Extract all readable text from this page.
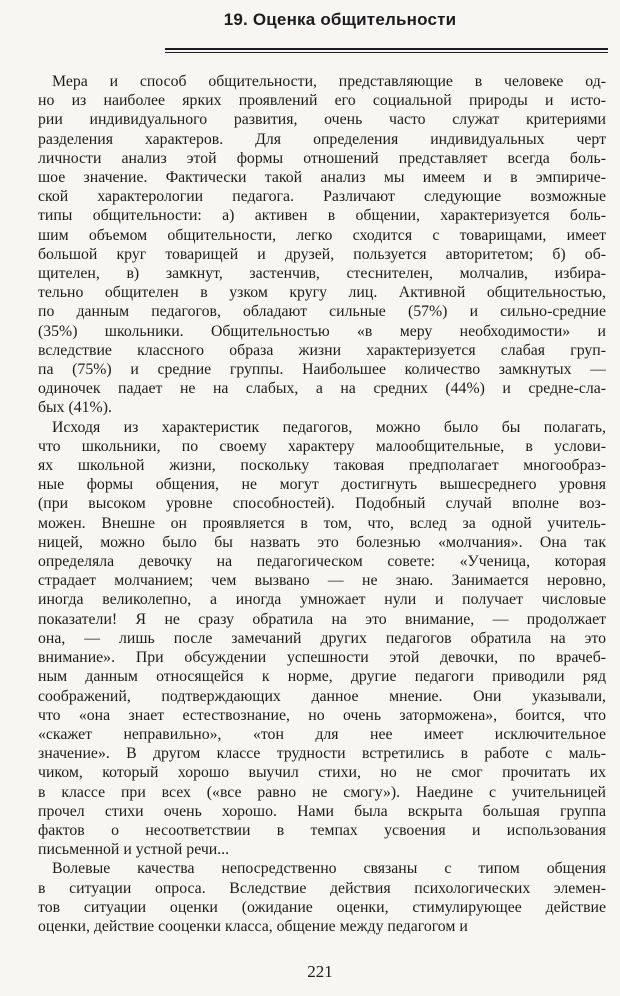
19. Оценка общительности

Мера и способ общительности, представляющие в человеке од-
но из наиболее ярких проявлений его социальной природы и исто-
рии индивидуального развития, очень часто служат критериями
разделения характеров. Для определения индивидуальных черт
личности анализ этой формы отношений представляет всегда боль-
шое значение. Фактически такой анализ мы имеем и в эмпириче-
ской характерологии педагога. Различают следующие возможные
типы общительности: а) активен в общении, характеризуется боль-
шим объемом общительности, легко сходится с товарищами, имеет
большой круг товарищей и друзей, пользуется авторитетом; б) об-
щителен, в) замкнут, застенчив, стеснителен, молчалив, избира-
тельно общителен в узком кругу лиц. Активной общительностью,
по данным педагогов, обладают сильные (57%) и сильно-средние
(35%) школьники. Общительностью «в меру необходимости» и
вследствие классного образа жизни характеризуется слабая груп-
па (75%) и средние группы. Наибольшее количество замкнутых —
одиночек падает не на слабых, а на средних (44%) и средне-сла-
бых (41%).

Исходя из характеристик педагогов, можно было бы полагать,
что школьники, по своему характеру малообщительные, в услови-
ях школьной жизни, поскольку таковая предполагает многообраз-
ные формы общения, не могут достигнуть вышесреднего уровня
(при высоком уровне способностей). Подобный случай вполне воз-
можен. Внешне он проявляется в том, что, вслед за одной учитель-
ницей, можно было бы назвать это болезнью «молчания». Она так
определяла девочку на педагогическом совете: «Ученица, которая
страдает молчанием; чем вызвано — не знаю. Занимается неровно,
иногда великолепно, а иногда умножает нули и получает числовые
показатели! Я не сразу обратила на это внимание, — продолжает
она, — лишь после замечаний других педагогов обратила на это
внимание». При обсуждении успешности этой девочки, по врачеб-
ным данным относящейся к норме, другие педагоги приводили ряд
соображений, подтверждающих данное мнение. Они указывали,
что «она знает естествознание, но очень заторможена», боится, что
«скажет неправильно», «тон для нее имеет исключительное
значение». В другом классе трудности встретились в работе с маль-
чиком, который хорошо выучил стихи, но не смог прочитать их
в классе при всех («все равно не смогу»). Наедине с учительницей
прочел стихи очень хорошо. Нами была вскрыта большая группа
фактов о несоответствии в темпах усвоения и использования
письменной и устной речи...

Волевые качества непосредственно связаны с типом общения
в ситуации опроса. Вследствие действия психологических элемен-
тов ситуации оценки (ожидание оценки, стимулирующее действие
оценки, действие сооценки класса, общение между педагогом и

221
